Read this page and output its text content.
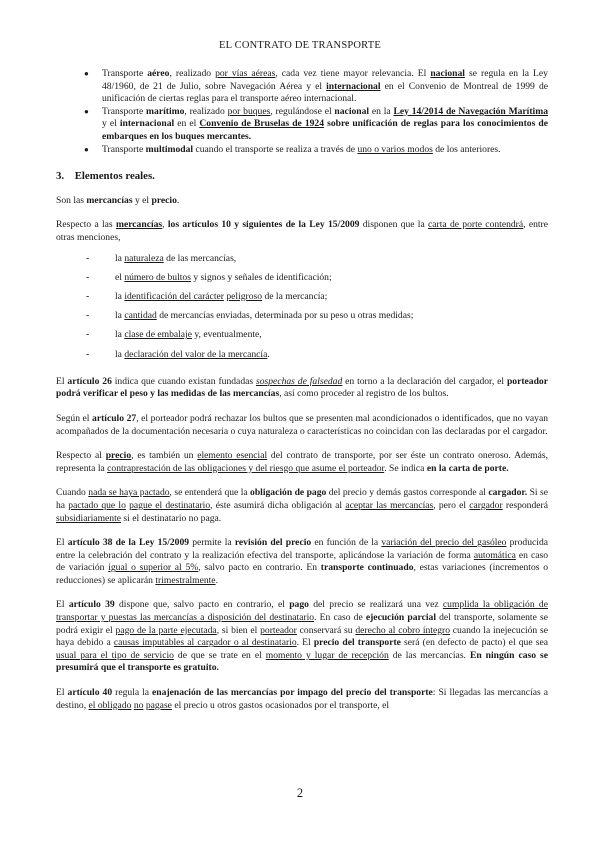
EL CONTRATO DE TRANSPORTE
● Transporte aéreo, realizado por vías aéreas, cada vez tiene mayor relevancia. El nacional se regula en la Ley 48/1960, de 21 de Julio, sobre Navegación Aérea y el internacional en el Convenio de Montreal de 1999 de unificación de ciertas reglas para el transporte aéreo internacional.
● Transporte marítimo, realizado por buques, regulándose el nacional en la Ley 14/2014 de Navegación Marítima y el internacional en el Convenio de Bruselas de 1924 sobre unificación de reglas para los conocimientos de embarques en los buques mercantes.
● Transporte multimodal cuando el transporte se realiza a través de uno o varios modos de los anteriores.
3. Elementos reales.

Son las mercancías y el precio.

Respecto a las mercancías, los artículos 10 y siguientes de la Ley 15/2009 disponen que la carta de porte contendrá, entre otras menciones,

- la naturaleza de las mercancías,
- el número de bultos y signos y señales de identificación;
- la identificación del carácter peligroso de la mercancía;
- la cantidad de mercancías enviadas, determinada por su peso u otras medidas;
- la clase de embalaje y, eventualmente,
- la declaración del valor de la mercancía.

El artículo 26 indica que cuando existan fundadas sospechas de falsedad en torno a la declaración del cargador, el porteador podrá verificar el peso y las medidas de las mercancías, así como proceder al registro de los bultos.

Según el artículo 27, el porteador podrá rechazar los bultos que se presenten mal acondicionados o identificados, que no vayan acompañados de la documentación necesaria o cuya naturaleza o características no coincidan con las declaradas por el cargador.

Respecto al precio, es también un elemento esencial del contrato de transporte, por ser éste un contrato oneroso. Además, representa la contraprestación de las obligaciones y del riesgo que asume el porteador. Se indica en la carta de porte.

Cuando nada se haya pactado, se entenderá que la obligación de pago del precio y demás gastos corresponde al cargador. Si se ha pactado que lo pague el destinatario, éste asumirá dicha obligación al aceptar las mercancías, pero el cargador responderá subsidiariamente si el destinatario no paga.

El artículo 38 de la Ley 15/2009 permite la revisión del precio en función de la variación del precio del gasóleo producida entre la celebración del contrato y la realización efectiva del transporte, aplicándose la variación de forma automática en caso de variación igual o superior al 5%, salvo pacto en contrario. En transporte continuado, estas variaciones (incrementos o reducciones) se aplicarán trimestralmente.

El artículo 39 dispone que, salvo pacto en contrario, el pago del precio se realizará una vez cumplida la obligación de transportar y puestas las mercancías a disposición del destinatario. En caso de ejecución parcial del transporte, solamente se podrá exigir el pago de la parte ejecutada, si bien el porteador conservará su derecho al cobro íntegro cuando la inejecución se haya debido a causas imputables al cargador o al destinatario. El precio del transporte será (en defecto de pacto) el que sea usual para el tipo de servicio de que se trate en el momento y lugar de recepción de las mercancías. En ningún caso se presumirá que el transporte es gratuito.

El artículo 40 regula la enajenación de las mercancías por impago del precio del transporte: Si llegadas las mercancías a destino, el obligado no pagase el precio u otros gastos ocasionados por el transporte, el

2
